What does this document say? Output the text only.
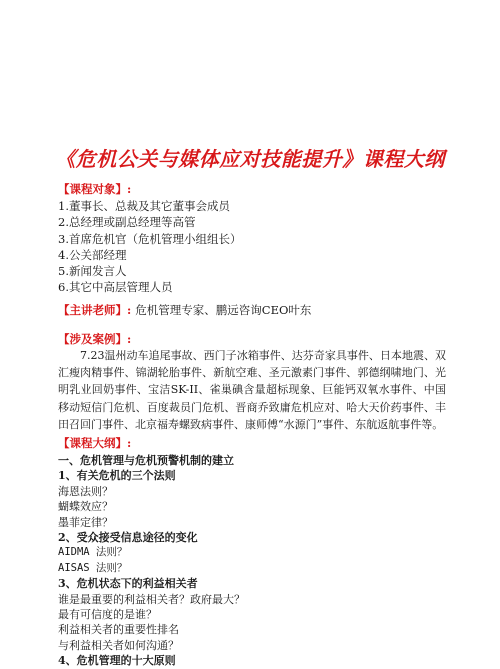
《危机公关与媒体应对技能提升》课程大纲
【课程对象】:
1.董事长、总裁及其它董事会成员
2.总经理或副总经理等高管
3.首席危机官（危机管理小组组长）
4.公关部经理
5.新闻发言人
6.其它中高层管理人员
【主讲老师】: 危机管理专家、鹏远咨询CEO叶东
【涉及案例】:
7.23温州动车追尾事故、西门子冰箱事件、达芬奇家具事件、日本地震、双汇瘦肉精事件、锦湖轮胎事件、新航空难、圣元激素门事件、郭德纲啸地门、光明乳业回奶事件、宝洁SK-II、雀巢碘含量超标现象、巨能钙双氧水事件、中国移动短信门危机、百度裁员门危机、晋商乔致庸危机应对、哈大天价药事件、丰田召回门事件、北京福寿螺致病事件、康师傅“水源门”事件、东航返航事件等。
【课程大纲】:
一、危机管理与危机预警机制的建立
1、有关危机的三个法则
海恩法则？
蝴蝶效应？
墨菲定律？
2、受众接受信息途径的变化
AIDMA 法则？
AISAS 法则？
3、危机状态下的利益相关者
谁是最重要的利益相关者？政府最大？
最有可信度的是谁？
利益相关者的重要性排名
与利益相关者如何沟通？
4、危机管理的十大原则
